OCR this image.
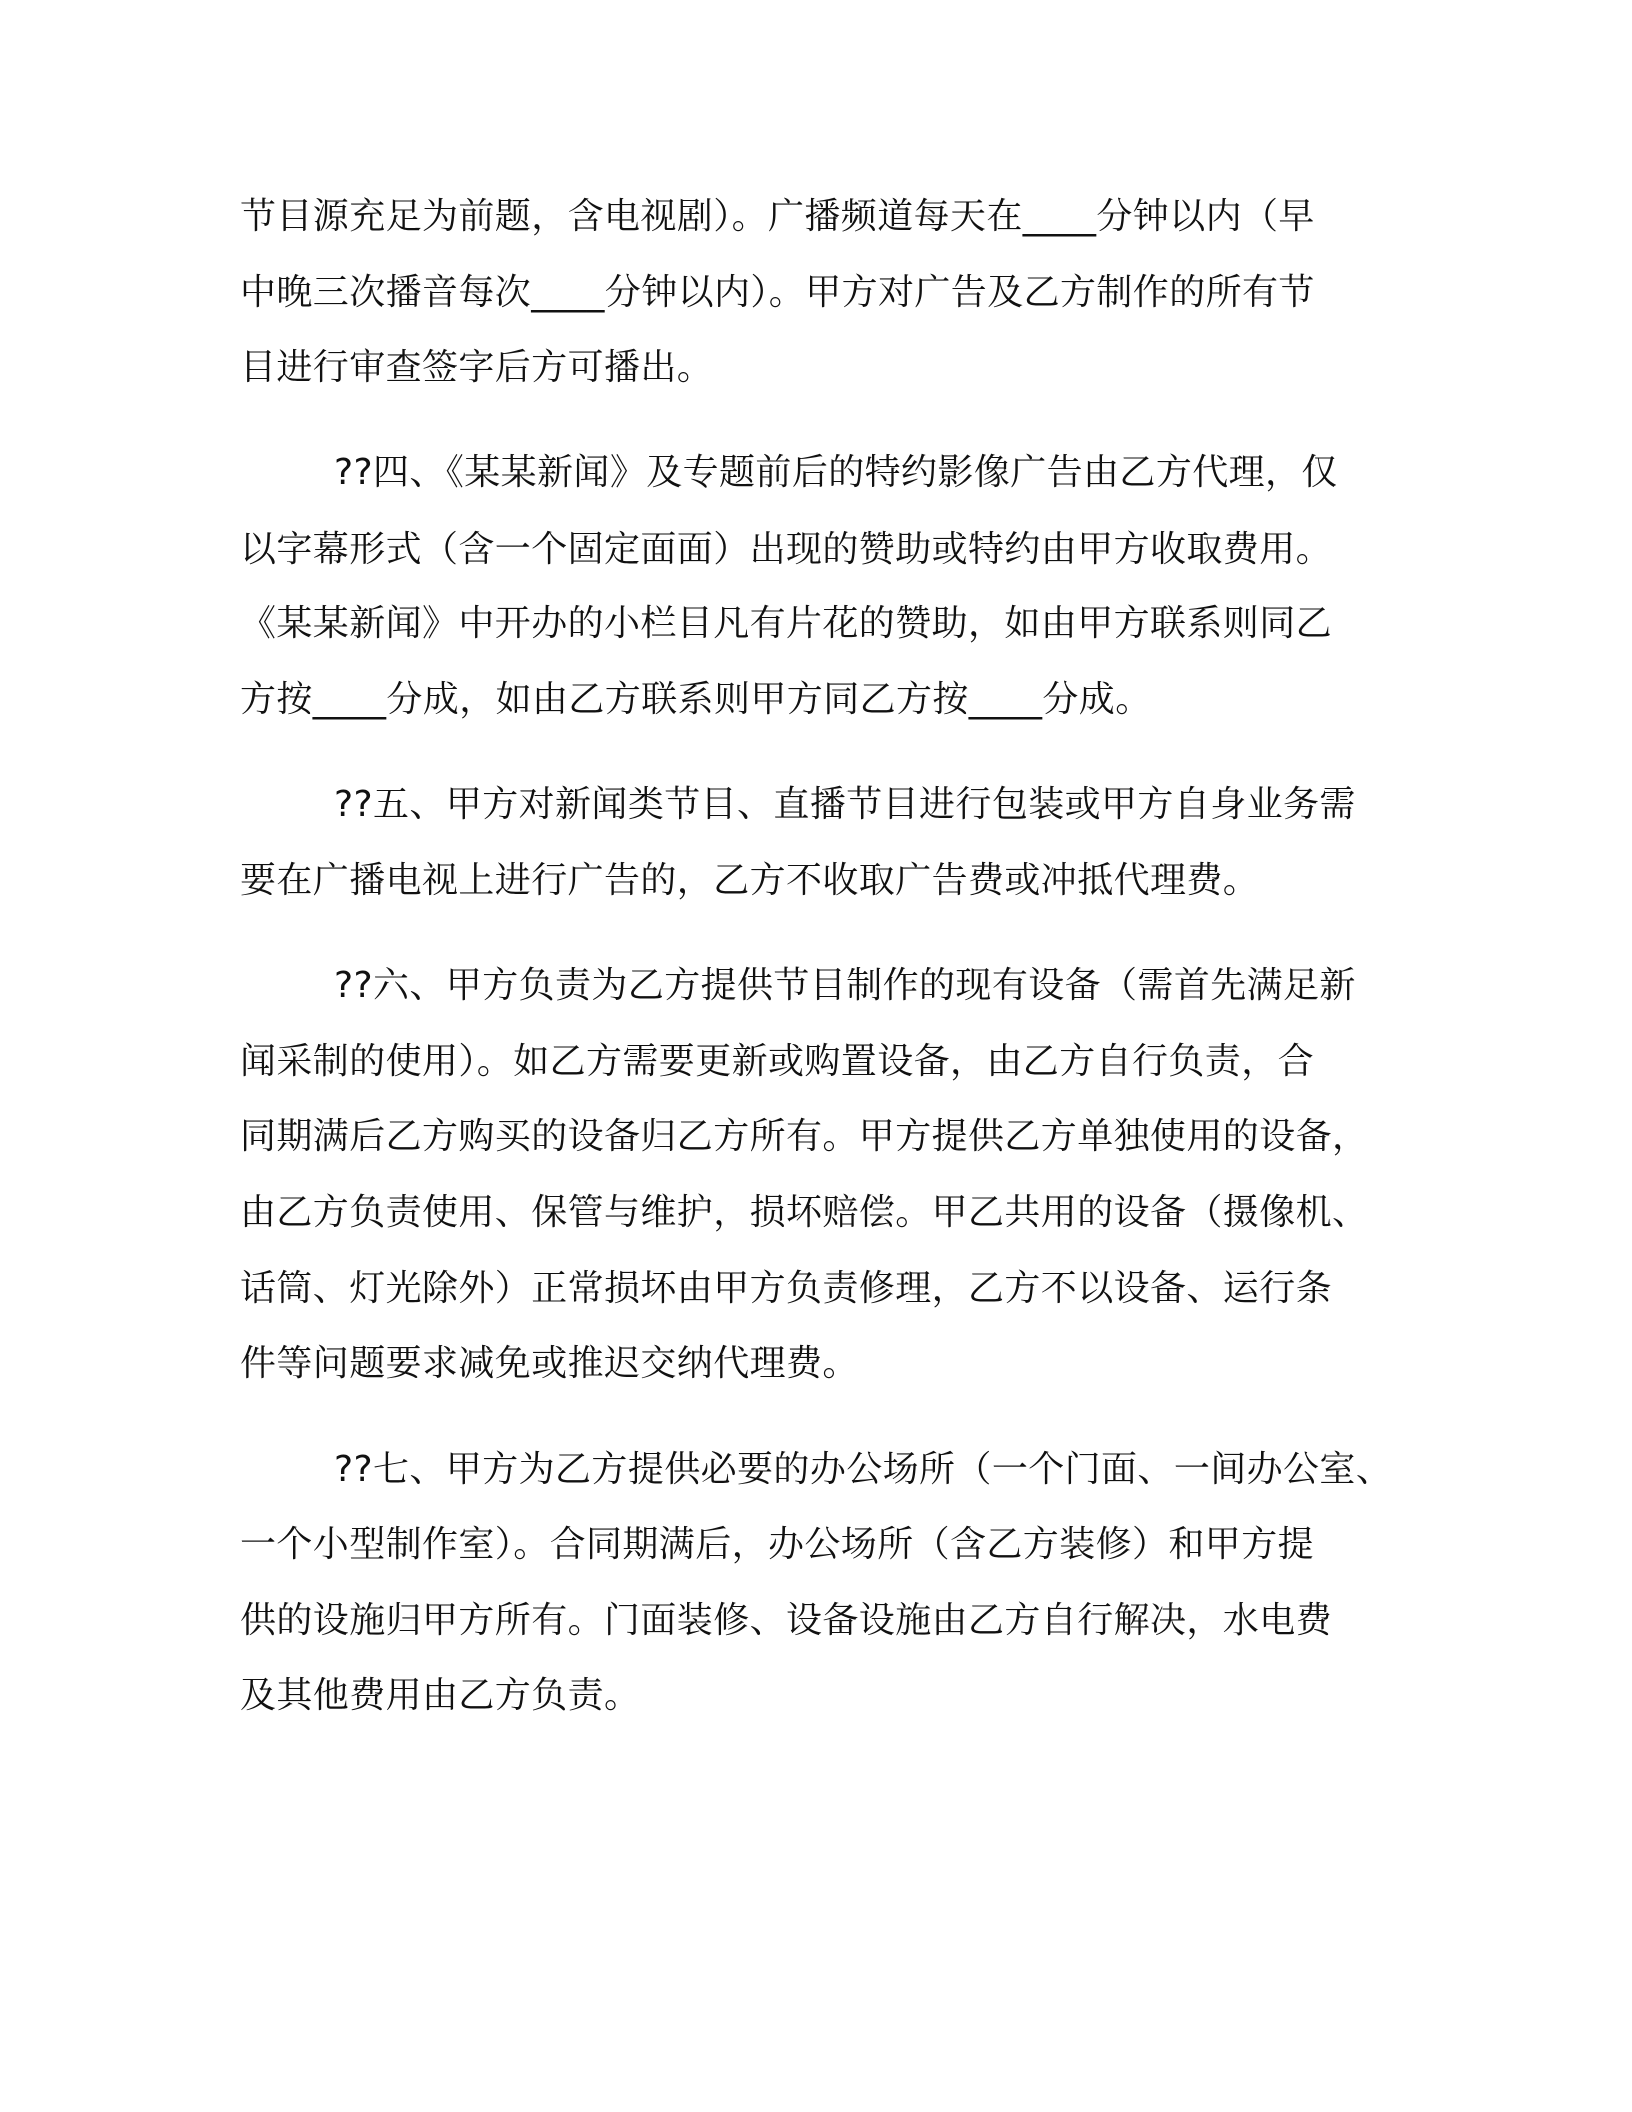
节目源充足为前题，含电视剧）。广播频道每天在____分钟以内（早

中晚三次播音每次____分钟以内）。甲方对广告及乙方制作的所有节

目进行审查签字后方可播出。

??四、《某某新闻》及专题前后的特约影像广告由乙方代理，仅

以字幕形式（含一个固定面面）出现的赞助或特约由甲方收取费用。

《某某新闻》中开办的小栏目凡有片花的赞助，如由甲方联系则同乙

方按____分成，如由乙方联系则甲方同乙方按____分成。

??五、甲方对新闻类节目、直播节目进行包装或甲方自身业务需

要在广播电视上进行广告的，乙方不收取广告费或冲抵代理费。

??六、甲方负责为乙方提供节目制作的现有设备（需首先满足新

闻采制的使用）。如乙方需要更新或购置设备，由乙方自行负责，合

同期满后乙方购买的设备归乙方所有。甲方提供乙方单独使用的设备，

由乙方负责使用、保管与维护，损坏赔偿。甲乙共用的设备（摄像机、

话筒、灯光除外）正常损坏由甲方负责修理，乙方不以设备、运行条

件等问题要求减免或推迟交纳代理费。

??七、甲方为乙方提供必要的办公场所（一个门面、一间办公室、

一个小型制作室）。合同期满后，办公场所（含乙方装修）和甲方提

供的设施归甲方所有。门面装修、设备设施由乙方自行解决，水电费

及其他费用由乙方负责。
